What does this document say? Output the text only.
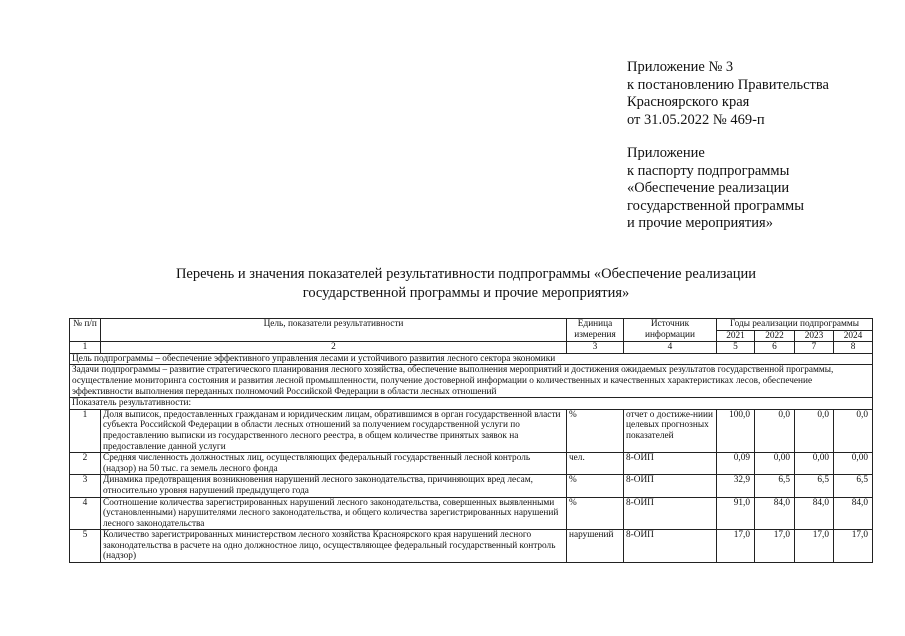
Приложение № 3
к постановлению Правительства
Красноярского края
от 31.05.2022 № 469-п
Приложение
к паспорту подпрограммы
«Обеспечение реализации
государственной программы
и прочие мероприятия»
Перечень и значения показателей результативности подпрограммы «Обеспечение реализации
государственной программы и прочие мероприятия»
№ п/п	Цель, показатели результативности	Единица измерения	Источник информации	Годы реализации подпрограммы			
				2021	2022	2023	2024
1	2	3	4	5	6	7	8
Цель подпрограммы – обеспечение эффективного управления лесами и устойчивого развития лесного сектора экономики							
Задачи подпрограммы – развитие стратегического планирования лесного хозяйства, обеспечение выполнения мероприятий и достижения ожидаемых результатов государственной программы, осуществление мониторинга состояния и развития лесной промышленности, получение достоверной информации о количественных и качественных характеристиках лесов, обеспечение эффективности выполнения переданных полномочий Российской Федерации в области лесных отношений							
Показатель результативности:							
1	Доля выписок, предоставленных гражданам и юридическим лицам, обратившимся в орган государственной власти субъекта Российской Федерации в области лесных отношений за получением государственной услуги по предоставлению выписки из государственного лесного реестра, в общем количестве принятых заявок на предоставление данной услуги	%	отчет о достиже-ниии целевых прогнозных показателей	100,0	0,0	0,0	0,0
2	Средняя численность должностных лиц, осуществляющих федеральный государственный лесной контроль (надзор) на 50 тыс. га земель лесного фонда	чел.	8-ОИП	0,09	0,00	0,00	0,00
3	Динамика предотвращения возникновения нарушений лесного законодательства, причиняющих вред лесам, относительно уровня нарушений предыдущего года	%	8-ОИП	32,9	6,5	6,5	6,5
4	Соотношение количества зарегистрированных нарушений лесного законодательства, совершенных выявленными (установленными) нарушителями лесного законодательства, и общего количества зарегистрированных нарушений лесного законодательства	%	8-ОИП	91,0	84,0	84,0	84,0
5	Количество зарегистрированных министерством лесного хозяйства Красноярского края нарушений лесного законодательства в расчете на одно должностное лицо, осуществляющее федеральный государственный контроль (надзор)	нарушений	8-ОИП	17,0	17,0	17,0	17,0
